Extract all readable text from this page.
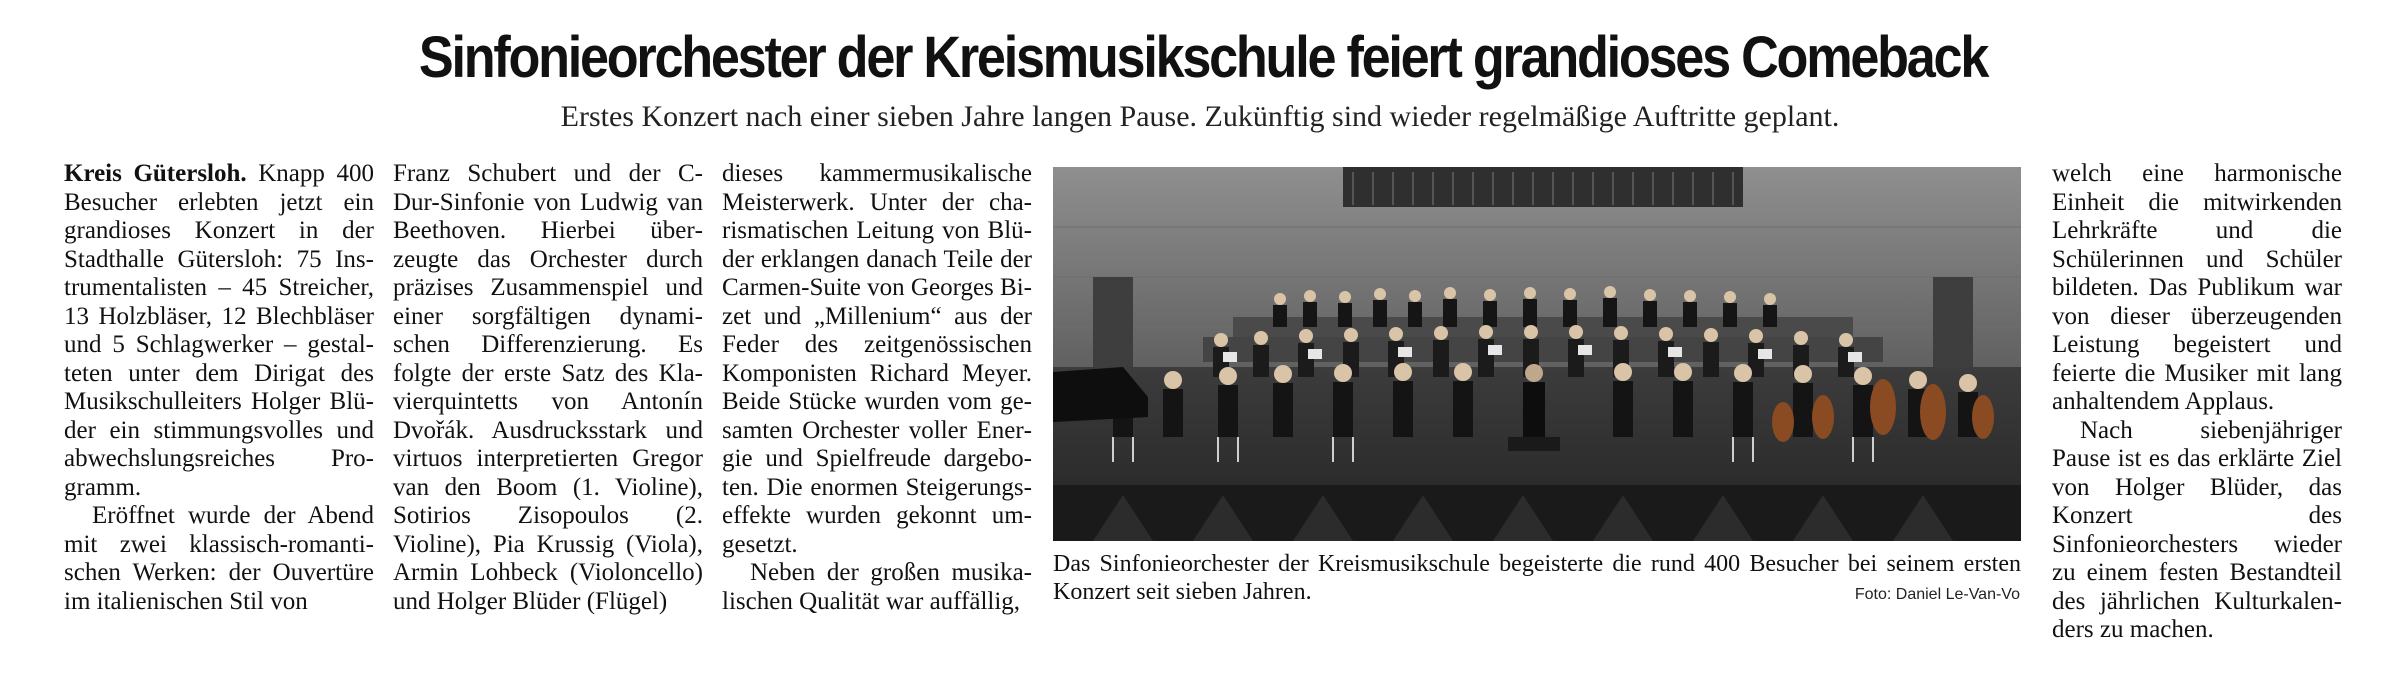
Sinfonieorchester der Kreismusikschule feiert grandioses Comeback
Erstes Konzert nach einer sieben Jahre langen Pause. Zukünftig sind wieder regelmäßige Auftritte geplant.

Kreis Gütersloh. Knapp 400 Besucher erlebten jetzt ein grandioses Konzert in der Stadthalle Gütersloh: 75 Instrumentalisten – 45 Streicher, 13 Holzbläser, 12 Blechbläser und 5 Schlagwerker – gestalteten unter dem Dirigat des Musikschulleiters Holger Blüder ein stimmungsvolles und abwechslungsreiches Programm.

Eröffnet wurde der Abend mit zwei klassisch-romantischen Werken: der Ouvertüre im italienischen Stil von

Franz Schubert und der C-Dur-Sinfonie von Ludwig van Beethoven. Hierbei überzeugte das Orchester durch präzises Zusammenspiel und einer sorgfältigen dynamischen Differenzierung. Es folgte der erste Satz des Klavierquintetts von Antonín Dvořák. Ausdrucksstark und virtuos interpretierten Gregor van den Boom (1. Violine), Sotirios Zisopoulos (2. Violine), Pia Krussig (Viola), Armin Lohbeck (Violoncello) und Holger Blüder (Flügel)

dieses kammermusikalische Meisterwerk. Unter der charismatischen Leitung von Blüder erklangen danach Teile der Carmen-Suite von Georges Bizet und „Millenium“ aus der Feder des zeitgenössischen Komponisten Richard Meyer. Beide Stücke wurden vom gesamten Orchester voller Energie und Spielfreude dargeboten. Die enormen Steigerungseffekte wurden gekonnt umgesetzt.

Neben der großen musikalischen Qualität war auffällig,

Das Sinfonieorchester der Kreismusikschule begeisterte die rund 400 Besucher bei seinem ersten Konzert seit sieben Jahren.	Foto: Daniel Le-Van-Vo

welch eine harmonische Einheit die mitwirkenden Lehrkräfte und die Schülerinnen und Schüler bildeten. Das Publikum war von dieser überzeugenden Leistung begeistert und feierte die Musiker mit lang anhaltendem Applaus.

Nach siebenjähriger Pause ist es das erklärte Ziel von Holger Blüder, das Konzert des Sinfonieorchesters wieder zu einem festen Bestandteil des jährlichen Kulturkalenders zu machen.
